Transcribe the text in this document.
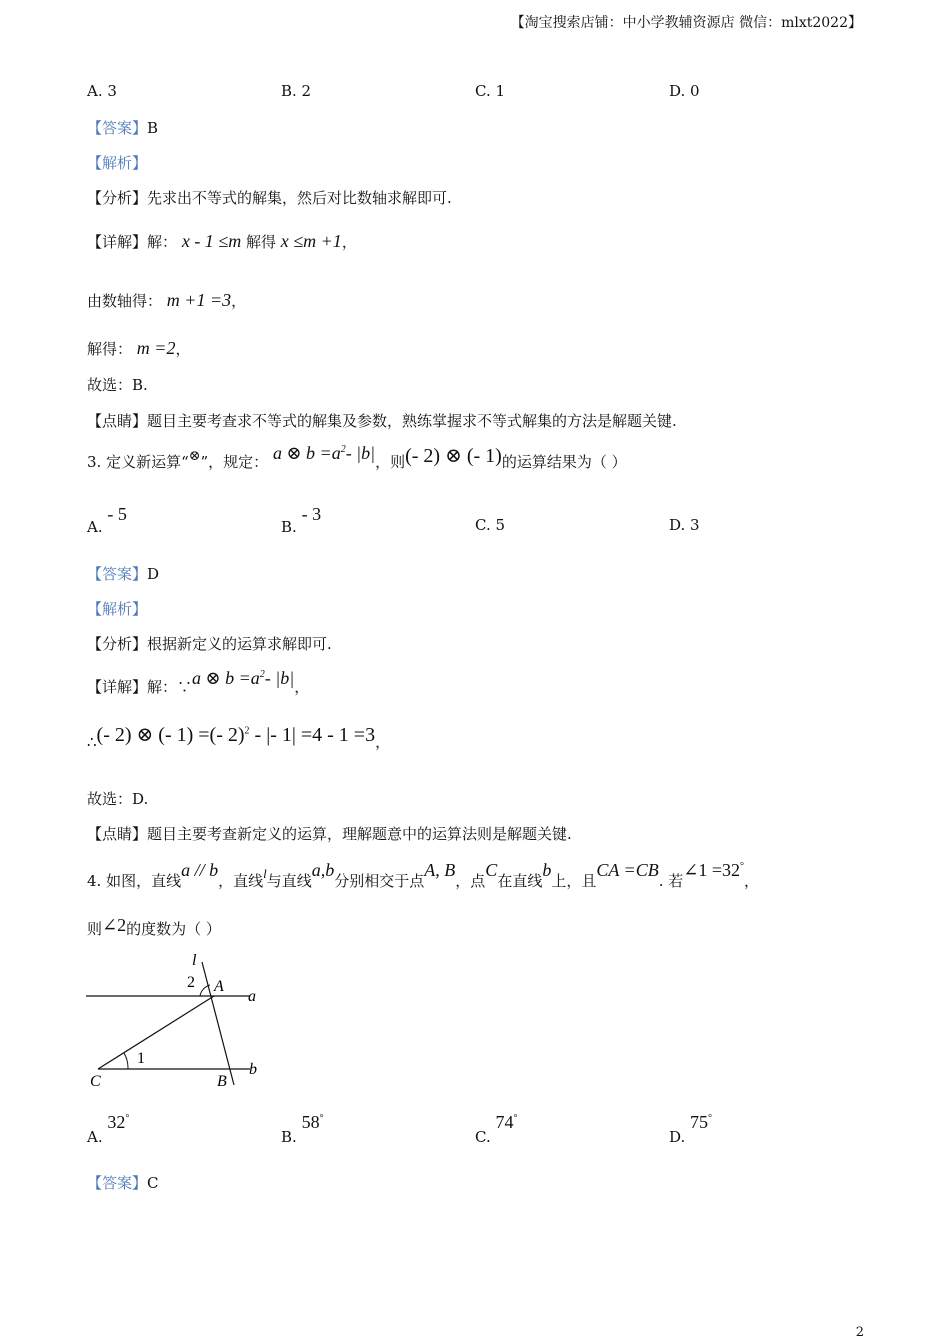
【淘宝搜索店铺：中小学教辅资源店 微信：mlxt2022】
A. 3	B. 2	C. 1	D. 0
【答案】B
【解析】
【分析】先求出不等式的解集，然后对比数轴求解即可.
【详解】解： x - 1 ≤m 解得 x ≤m +1，
由数轴得： m +1 =3，
解得： m =2，
故选：B.
【点睛】题目主要考查求不等式的解集及参数，熟练掌握求不等式解集的方法是解题关键.
3. 定义新运算“⊗”，规定： a ⊗ $b =a^2-$ |b|，则(- 2) ⊗ (- 1)的运算结果为（ ）
A. - 5
B. - 3
C. 5	D. 3
【答案】D
【解析】
【分析】根据新定义的运算求解即可.
【详解】解：∵a ⊗ $b =a^2-$ |b|，
∴(- 2) ⊗ (- 1) =(- 2)$^2$ - |- 1| =4 - 1 =3，
故选：D.
【点睛】题目主要考查新定义的运算，理解题意中的运算法则是解题关键.
4. 如图，直线a // b，直线l与直线a,b分别相交于点A, B，点C在直线b上，且CA =CB. 若∠1 =32°，
则∠2的度数为（ ）
l
2 A
a
1
C	B
b
A. 32°
B. 58°
C. 74°
D. 75°
【答案】C
2
